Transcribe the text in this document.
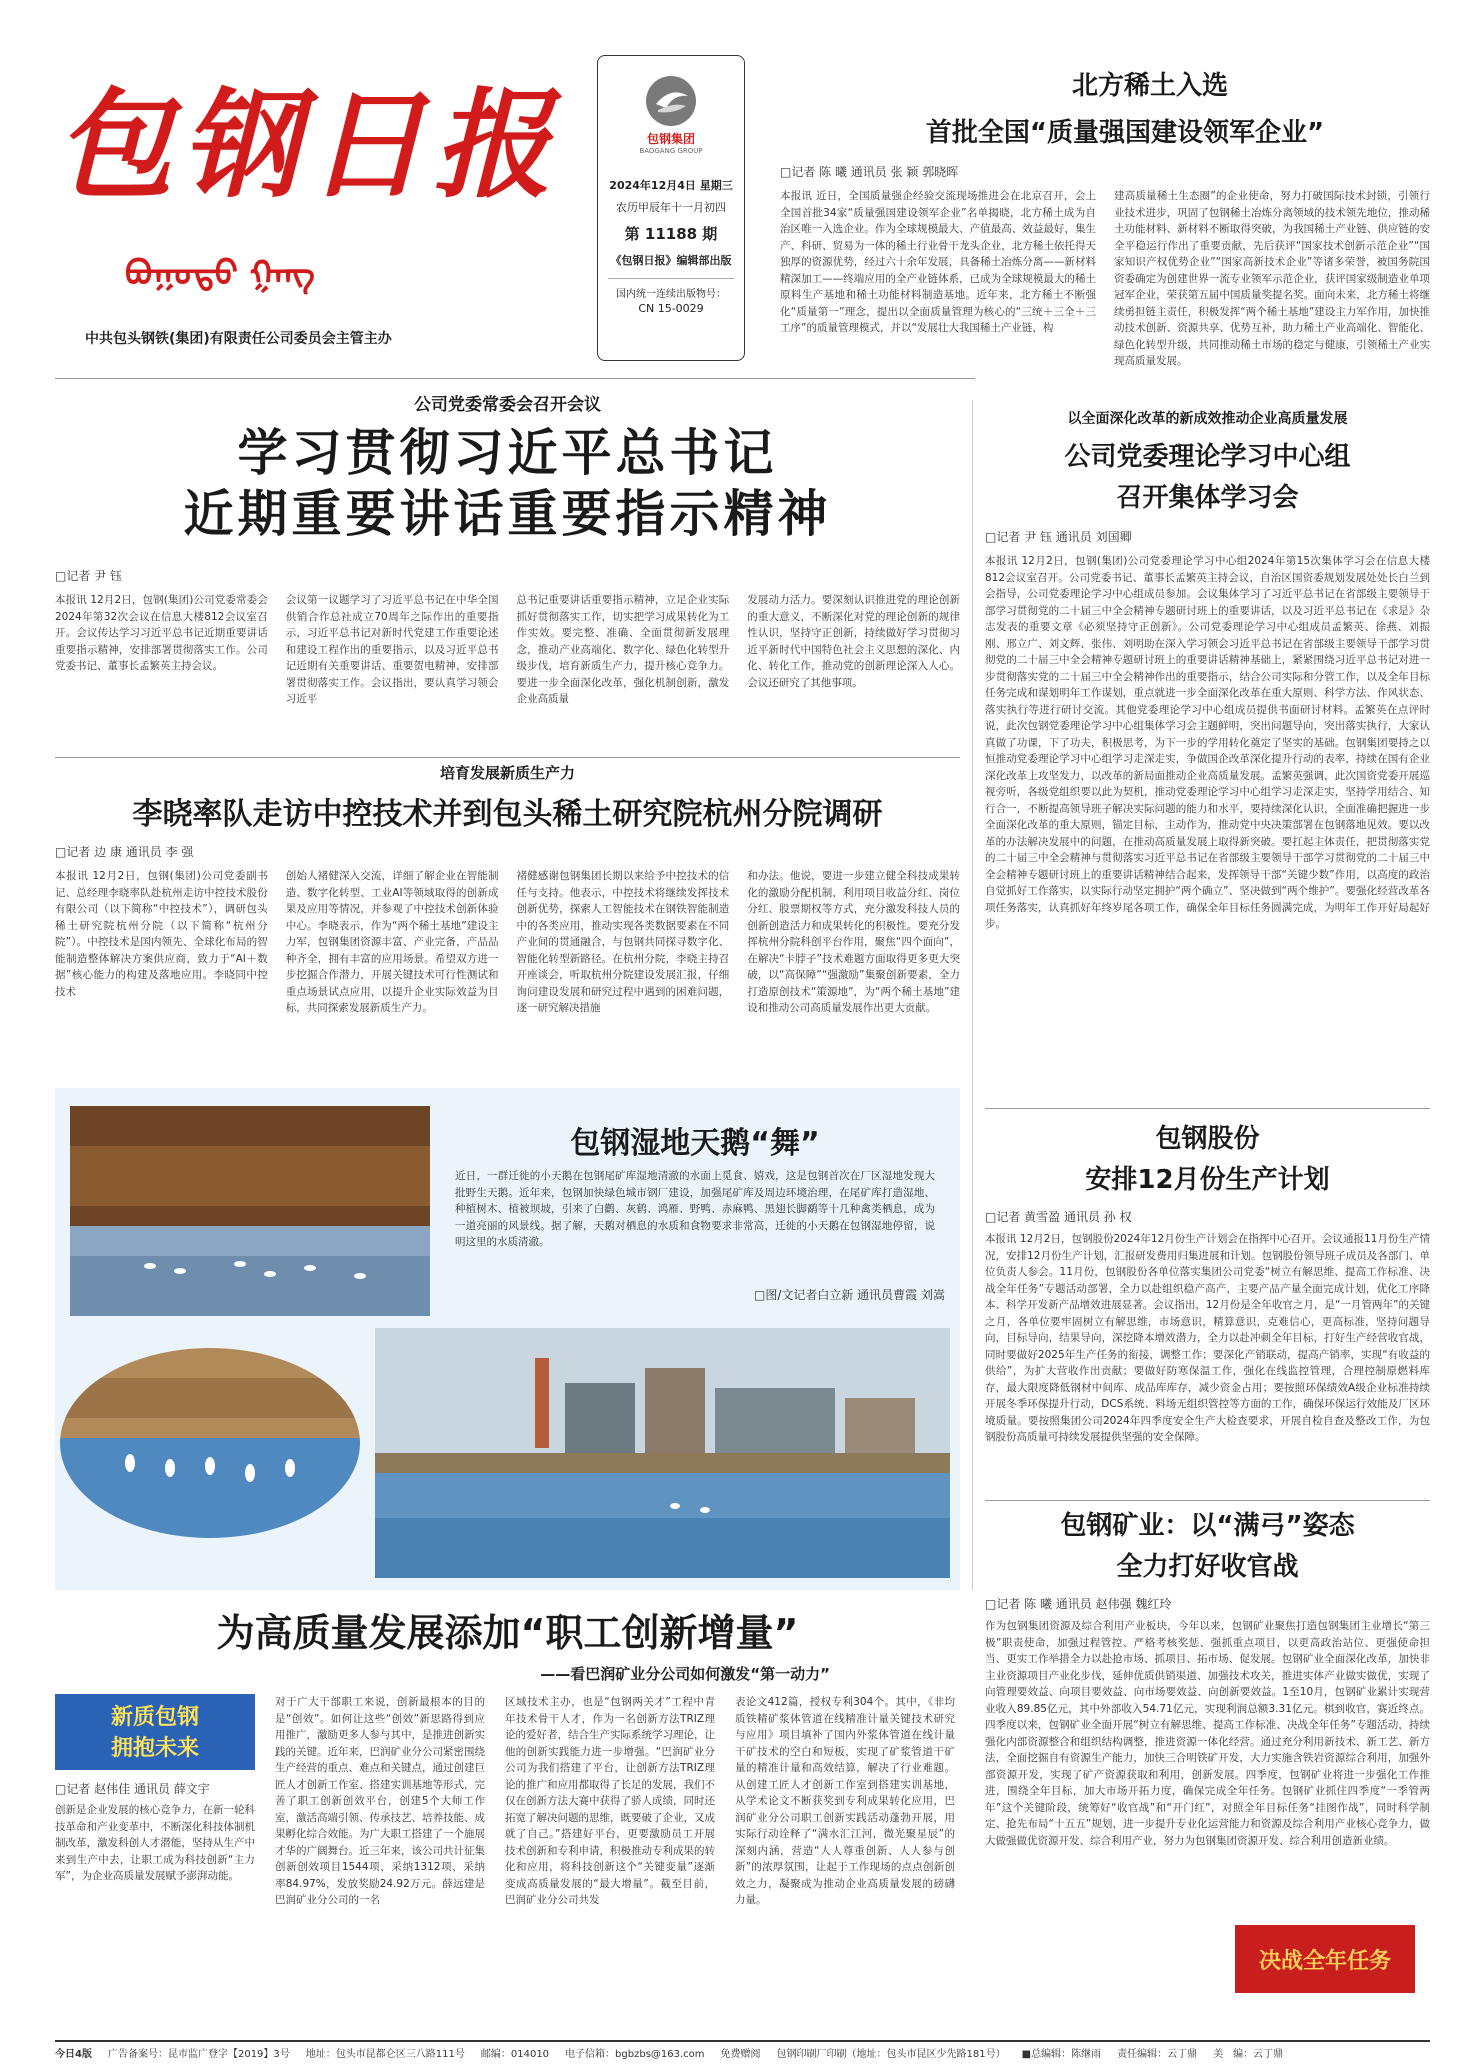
包钢日报
ᠪᠣᠭᠣᠲᠤ ᠭᠠᠩ
中共包头钢铁(集团)有限责任公司委员会主管主办
包钢集团
BAOGANG GROUP
2024年12月4日 星期三
农历甲辰年十一月初四
第 11188 期
《包钢日报》编辑部出版
国内统一连续出版物号：
CN 15-0029
北方稀土入选
首批全国“质量强国建设领军企业”
□记者 陈 曦 通讯员 张 颖 郭晓晖
本报讯 近日，全国质量强企经验交流现场推进会在北京召开，会上全国首批34家“质量强国建设领军企业”名单揭晓，北方稀土成为自治区唯一入选企业。作为全球规模最大、产值最高、效益最好，集生产、科研、贸易为一体的稀土行业骨干龙头企业，北方稀土依托得天独厚的资源优势，经过六十余年发展，具备稀土冶炼分离——新材料精深加工——终端应用的全产业链体系，已成为全球规模最大的稀土原料生产基地和稀土功能材料制造基地。近年来，北方稀土不断强化“质量第一”理念，提出以全面质量管理为核心的“三统＋三全＋三工序”的质量管理模式，并以“发展壮大我国稀土产业链，构
建高质量稀土生态圈”的企业使命，努力打破国际技术封锁，引领行业技术进步，巩固了包钢稀土冶炼分离领域的技术领先地位，推动稀土功能材料、新材料不断取得突破，为我国稀土产业链、供应链的安全平稳运行作出了重要贡献，先后获评“国家技术创新示范企业”“国家知识产权优势企业”“国家高新技术企业”等诸多荣誉，被国务院国资委确定为创建世界一流专业领军示范企业，获评国家级制造业单项冠军企业，荣获第五届中国质量奖提名奖。面向未来，北方稀土将继续勇担链主责任，积极发挥“两个稀土基地”建设主力军作用，加快推动技术创新、资源共享、优势互补，助力稀土产业高端化、智能化、绿色化转型升级，共同推动稀土市场的稳定与健康，引领稀土产业实现高质量发展。
公司党委常委会召开会议
学习贯彻习近平总书记
近期重要讲话重要指示精神
□记者 尹 钰
本报讯 12月2日，包钢(集团)公司党委常委会2024年第32次会议在信息大楼812会议室召开。会议传达学习习近平总书记近期重要讲话重要指示精神，安排部署贯彻落实工作。公司党委书记、董事长孟繁英主持会议。
会议第一议题学习了习近平总书记在中华全国供销合作总社成立70周年之际作出的重要指示，习近平总书记对新时代党建工作重要论述和建设工程作出的重要指示，以及习近平总书记近期有关重要讲话、重要贺电精神，安排部署贯彻落实工作。会议指出，要认真学习领会习近平
总书记重要讲话重要指示精神，立足企业实际抓好贯彻落实工作，切实把学习成果转化为工作实效。要完整、准确、全面贯彻新发展理念，推动产业高端化、数字化、绿色化转型升级步伐，培育新质生产力，提升核心竞争力。要进一步全面深化改革，强化机制创新，激发企业高质量
发展动力活力。要深刻认识推进党的理论创新的重大意义，不断深化对党的理论创新的规律性认识，坚持守正创新，持续做好学习贯彻习近平新时代中国特色社会主义思想的深化、内化、转化工作，推动党的创新理论深入人心。会议还研究了其他事项。
以全面深化改革的新成效推动企业高质量发展
公司党委理论学习中心组
召开集体学习会
□记者 尹 钰 通讯员 刘国卿
本报讯 12月2日，包钢(集团)公司党委理论学习中心组2024年第15次集体学习会在信息大楼812会议室召开。公司党委书记、董事长孟繁英主持会议，自治区国资委规划发展处处长白兰到会指导，公司党委理论学习中心组成员参加。会议集体学习了习近平总书记在省部级主要领导干部学习贯彻党的二十届三中全会精神专题研讨班上的重要讲话，以及习近平总书记在《求是》杂志发表的重要文章《必须坚持守正创新》。公司党委理论学习中心组成员孟繁英、徐燕、刘振刚、邢立广、刘文辉、张伟、刘明助在深入学习领会习近平总书记在省部级主要领导干部学习贯彻党的二十届三中全会精神专题研讨班上的重要讲话精神基础上，紧紧围绕习近平总书记对进一步贯彻落实党的二十届三中全会精神作出的重要指示，结合公司实际和分管工作，以及全年目标任务完成和谋划明年工作谋划，重点就进一步全面深化改革在重大原则、科学方法、作风状态、落实执行等进行研讨交流。其他党委理论学习中心组成员提供书面研讨材料。孟繁英在点评时说，此次包钢党委理论学习中心组集体学习会主题鲜明，突出问题导向，突出落实执行，大家认真做了功课，下了功夫，积极思考，为下一步的学用转化奠定了坚实的基础。包钢集团要持之以恒推动党委理论学习中心组学习走深走实，争做国企改革深化提升行动的表率，持续在国有企业深化改革上攻坚发力，以改革的新局面推动企业高质量发展。孟繁英强调，此次国资党委开展巡视旁听，各级党组织要以此为契机，推动党委理论学习中心组学习走深走实，坚持学用结合、知行合一，不断提高领导班子解决实际问题的能力和水平，要持续深化认识，全面准确把握进一步全面深化改革的重大原则，锚定目标，主动作为，推动党中央决策部署在包钢落地见效。要以改革的办法解决发展中的问题，在推动高质量发展上取得新突破。要扛起主体责任，把贯彻落实党的二十届三中全会精神与贯彻落实习近平总书记在省部级主要领导干部学习贯彻党的二十届三中全会精神专题研讨班上的重要讲话精神结合起来，发挥领导干部“关键少数”作用，以高度的政治自觉抓好工作落实，以实际行动坚定拥护“两个确立”、坚决做到“两个维护”。要强化经营改革各项任务落实，认真抓好年终岁尾各项工作，确保全年目标任务圆满完成，为明年工作开好局起好步。
培育发展新质生产力
李晓率队走访中控技术并到包头稀土研究院杭州分院调研
□记者 边 康 通讯员 李 强
本报讯 12月2日，包钢(集团)公司党委副书记、总经理李晓率队赴杭州走访中控技术股份有限公司（以下简称“中控技术”），调研包头稀土研究院杭州分院（以下简称“杭州分院”）。中控技术是国内领先、全球化布局的智能制造整体解决方案供应商，致力于“AI＋数据”核心能力的构建及落地应用。李晓同中控技术
创始人褚健深入交流，详细了解企业在智能制造、数字化转型、工业AI等领域取得的创新成果及应用等情况，并参观了中控技术创新体验中心。李晓表示，作为“两个稀土基地”建设主力军，包钢集团资源丰富、产业完备，产品品种齐全，拥有丰富的应用场景。希望双方进一步挖掘合作潜力，开展关键技术可行性测试和重点场景试点应用，以提升企业实际效益为目标，共同探索发展新质生产力。
褚健感谢包钢集团长期以来给予中控技术的信任与支持。他表示，中控技术将继续发挥技术创新优势，探索人工智能技术在钢铁智能制造中的各类应用，推动实现各类数据要素在不同产业间的贯通融合，与包钢共同探寻数字化、智能化转型新路径。在杭州分院，李晓主持召开座谈会，听取杭州分院建设发展汇报，仔细询问建设发展和研究过程中遇到的困难问题，逐一研究解决措施
和办法。他说，要进一步建立健全科技成果转化的激励分配机制，利用项目收益分红、岗位分红、股票期权等方式，充分激发科技人员的创新创造活力和成果转化的积极性。要充分发挥杭州分院科创平台作用，聚焦“四个面向”，在解决“卡脖子”技术难题方面取得更多更大突破，以“高保障”“强激励”集聚创新要素，全力打造原创技术“策源地”，为“两个稀土基地”建设和推动公司高质量发展作出更大贡献。
包钢湿地天鹅“舞”
近日，一群迁徙的小天鹅在包钢尾矿库湿地清澈的水面上觅食、嬉戏，这是包钢首次在厂区湿地发现大批野生天鹅。近年来，包钢加快绿色城市钢厂建设，加强尾矿库及周边环境治理，在尾矿库打造湿地、种植树木、植被坝坡，引来了白鹳、灰鹤、鸿雁、野鸭、赤麻鸭、黑翅长脚鹬等十几种禽类栖息，成为一道亮丽的风景线。据了解，天鹅对栖息的水质和食物要求非常高，迁徙的小天鹅在包钢湿地停留，说明这里的水质清澈。
□图/文记者白立新 通讯员曹霞 刘嵩
包钢股份
安排12月份生产计划
□记者 黄雪盈 通讯员 孙 权
本报讯 12月2日，包钢股份2024年12月份生产计划会在指挥中心召开。会议通报11月份生产情况，安排12月份生产计划，汇报研发费用归集进展和计划。包钢股份领导班子成员及各部门、单位负责人参会。11月份，包钢股份各单位落实集团公司党委“树立有解思维、提高工作标准、决战全年任务”专题活动部署，全力以赴组织稳产高产，主要产品产量全面完成计划，优化工序降本、科学开发新产品增效进展显著。会议指出，12月份是全年收官之月，是“一月管两年”的关键之月，各单位要牢固树立有解思维，市场意识，精算意识，克难信心，更高标准，坚持问题导向，目标导向，结果导向，深挖降本增效潜力，全力以赴冲刺全年目标，打好生产经营收官战，同时要做好2025年生产任务的衔接，调整工作；要深化产销联动，提高产销率，实现“有收益的供给”，为扩大营收作出贡献；要做好防寒保温工作，强化在线监控管理，合理控制原燃料库存，最大限度降低钢材中间库、成品库库存，减少资金占用；要按照环保绩效A级企业标准持续开展冬季环保提升行动，DCS系统、料场无组织管控等方面的工作，确保环保运行效能及厂区环境质量。要按照集团公司2024年四季度安全生产大检查要求，开展自检自查及整改工作，为包钢股份高质量可持续发展提供坚强的安全保障。
包钢矿业：以“满弓”姿态
全力打好收官战
□记者 陈 曦 通讯员 赵伟强 魏红玲
作为包钢集团资源及综合利用产业板块，今年以来，包钢矿业聚焦打造包钢集团主业增长“第三极”职责使命，加强过程管控、严格考核奖惩、强抓重点项目，以更高政治站位、更强使命担当、更实工作举措全力以赴抢市场、抓项目、拓市场、促发展。包钢矿业全面深化改革，加快非主业资源项目产业化步伐，延伸优质供销渠道、加强技术攻关，推进实体产业做实做优，实现了向管理要效益、向项目要效益、向市场要效益、向创新要效益。1至10月，包钢矿业累计实现营业收入89.85亿元，其中外部收入54.71亿元，实现利润总额3.31亿元。棋到收官，赛近终点。四季度以来，包钢矿业全面开展“树立有解思维、提高工作标准、决战全年任务”专题活动，持续强化内部资源整合和组织结构调整，推进资源一体化经营。通过充分利用新技术、新工艺、新方法，全面挖掘自有资源生产能力，加快三合明铁矿开发，大力实施含铁岩资源综合利用，加强外部资源开发，实现了矿产资源获取和利用，创新发展。四季度，包钢矿业将进一步强化工作推进，围绕全年目标，加大市场开拓力度，确保完成全年任务。包钢矿业抓住四季度“一季管两年”这个关键阶段，统筹好“收官战”和“开门红”，对照全年目标任务“挂图作战”，同时科学制定、抢先布局“十五五”规划，进一步提升专业化运营能力和资源及综合利用产业核心竞争力，做大做强做优资源开发、综合利用产业，努力为包钢集团资源开发、综合利用创造新业绩。
决战全年任务
为高质量发展添加“职工创新增量”
——看巴润矿业分公司如何激发“第一动力”
新质包钢
拥抱未来
□记者 赵伟佳 通讯员 薛文宇
创新是企业发展的核心竞争力，在新一轮科技革命和产业变革中，不断深化科技体制机制改革，激发科创人才潜能，坚持从生产中来到生产中去，让职工成为科技创新“主力军”，为企业高质量发展赋予澎湃动能。
对于广大干部职工来说，创新最根本的目的是“创效”。如何让这些“创效”新思路得到应用推广，激励更多人参与其中，是推进创新实践的关键。近年来，巴润矿业分公司紧密围绕生产经营的重点、难点和关键点，通过创建巨匠人才创新工作室、搭建实训基地等形式，完善了职工创新创效平台，创建5个大师工作室，激活高端引领、传承技艺、培养技能、成果孵化综合效能。为广大职工搭建了一个施展才华的广阔舞台。近三年来，该公司共计征集创新创效项目1544项，采纳1312项，采纳率84.97%，发放奖励24.92万元。薛远建是巴润矿业分公司的一名
区域技术主办，也是“包钢两关才”工程中青年技术骨干人才，作为一名创新方法TRIZ理论的爱好者，结合生产实际系统学习理论，让他的创新实践能力进一步增强。“巴润矿业分公司为我们搭建了平台，让创新方法TRIZ理论的推广和应用都取得了长足的发展，我们不仅在创新方法大赛中获得了骄人成绩，同时还拓宽了解决问题的思维，既要破了企业，又成就了自己。”搭建好平台，更要激励员工开展技术创新和专利申请，积极推动专利成果的转化和应用，将科技创新这个“关键变量”逐渐变成高质量发展的“最大增量”。截至目前，巴润矿业分公司共发
表论文412篇，授权专利304个。其中，《非均质铁精矿浆体管道在线精准计量关键技术研究与应用》项目填补了国内外浆体管道在线计量干矿技术的空白和短板，实现了矿浆管道干矿量的精准计量和高效结算，解决了行业难题。从创建工匠人才创新工作室到搭建实训基地，从学术论文不断获奖到专利成果转化应用，巴润矿业分公司职工创新实践活动蓬勃开展，用实际行动诠释了“满水汇江河，微光聚星辰”的深刻内涵，营造“人人尊重创新、人人参与创新”的浓厚氛围，让起于工作现场的点点创新创效之力，凝聚成为推动企业高质量发展的磅礴力量。
今日4版 广告备案号：昆市监广登字【2019】3号 地址：包头市昆都仑区三八路111号 邮编：014010 电子信箱：bgbzbs@163.com 免费赠阅 包钢印刷厂印刷（地址：包头市昆区少先路181号） ■总编辑：陈继雨 责任编辑：云丁鼎 美　编：云丁鼎
